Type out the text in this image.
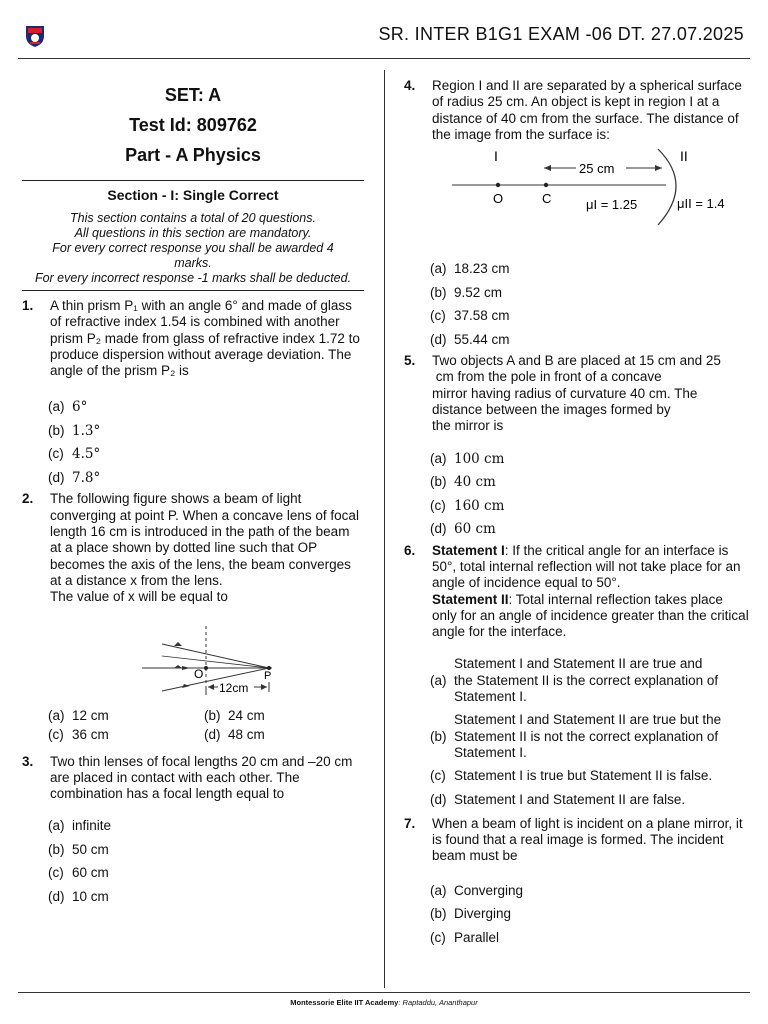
SR. INTER B1G1 EXAM -06 DT. 27.07.2025
SET: A
Test Id: 809762
Part - A Physics
Section - I: Single Correct
This section contains a total of 20 questions.
All questions in this section are mandatory.
For every correct response you shall be awarded 4 marks.
For every incorrect response -1 marks shall be deducted.
1. A thin prism P₁ with an angle 6° and made of glass of refractive index 1.54 is combined with another prism P₂ made from glass of refractive index 1.72 to produce dispersion without average deviation. The angle of the prism P₂ is
(a) 6°
(b) 1.3°
(c) 4.5°
(d) 7.8°
2. The following figure shows a beam of light converging at point P. When a concave lens of focal length 16 cm is introduced in the path of the beam at a place shown by dotted line such that OP becomes the axis of the lens, the beam converges at a distance x from the lens.
The value of x will be equal to
O	P
12cm
(a) 12 cm	(b) 24 cm
(c) 36 cm	(d) 48 cm
3. Two thin lenses of focal lengths 20 cm and –20 cm are placed in contact with each other. The combination has a focal length equal to
(a) infinite
(b) 50 cm
(c) 60 cm
(d) 10 cm
4. Region I and II are separated by a spherical surface of radius 25 cm. An object is kept in region I at a distance of 40 cm from the surface. The distance of the image from the surface is:
I	II
O	C
25 cm
μI = 1.25	μII = 1.4
(a) 18.23 cm
(b) 9.52 cm
(c) 37.58 cm
(d) 55.44 cm
5. Two objects A and B are placed at 15 cm and 25
cm from the pole in front of a concave
mirror having radius of curvature 40 cm. The
distance between the images formed by
the mirror is
(a) 100 cm
(b) 40 cm
(c) 160 cm
(d) 60 cm
6. Statement I: If the critical angle for an interface is 50°, total internal reflection will not take place for an angle of incidence equal to 50°.
Statement II: Total internal reflection takes place only for an angle of incidence greater than the critical angle for the interface.
(a)
Statement I and Statement II are true and the Statement II is the correct explanation of Statement I.
(b)
Statement I and Statement II are true but the Statement II is not the correct explanation of Statement I.
(c) Statement I is true but Statement II is false.
(d) Statement I and Statement II are false.
7. When a beam of light is incident on a plane mirror, it is found that a real image is formed. The incident beam must be
(a) Converging
(b) Diverging
(c) Parallel
Montessorie Elite IIT Academy: Raptaddu, Ananthapur
